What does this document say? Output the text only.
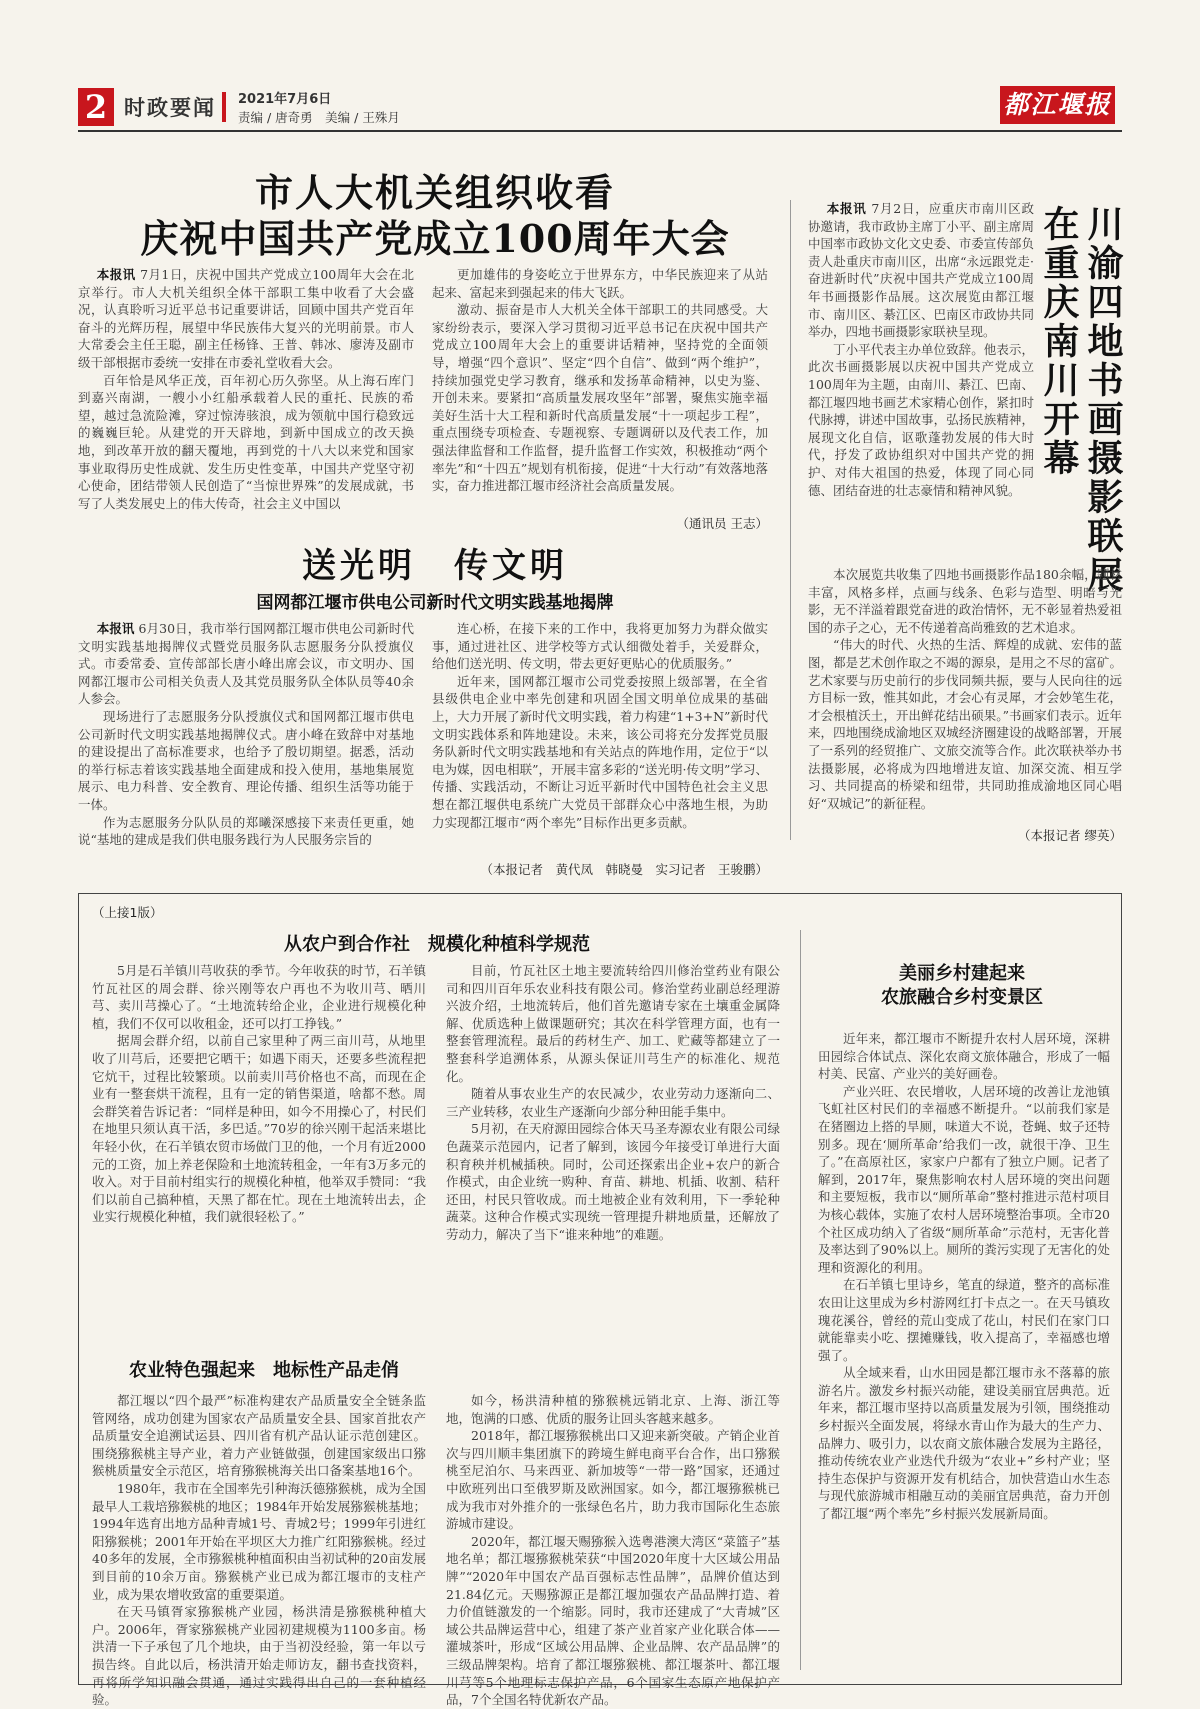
2 时政要闻 2021年7月6日
责编 / 唐奇勇　美编 / 王殊月	都江堰报
市人大机关组织收看
庆祝中国共产党成立100周年大会

本报讯 7月1日，庆祝中国共产党成立100周年大会在北京举行。市人大机关组织全体干部职工集中收看了大会盛况，认真聆听习近平总书记重要讲话，回顾中国共产党百年奋斗的光辉历程，展望中华民族伟大复兴的光明前景。市人大常委会主任王聪，副主任杨锋、王普、韩冰、廖涛及副市级干部根据市委统一安排在市委礼堂收看大会。

百年恰是风华正茂，百年初心历久弥坚。从上海石库门到嘉兴南湖，一艘小小红船承载着人民的重托、民族的希望，越过急流险滩，穿过惊涛骇浪，成为领航中国行稳致远的巍巍巨轮。从建党的开天辟地，到新中国成立的改天换地，到改革开放的翻天覆地，再到党的十八大以来党和国家事业取得历史性成就、发生历史性变革，中国共产党坚守初心使命，团结带领人民创造了“当惊世界殊”的发展成就，书写了人类发展史上的伟大传奇，社会主义中国以

更加雄伟的身姿屹立于世界东方，中华民族迎来了从站起来、富起来到强起来的伟大飞跃。

激动、振奋是市人大机关全体干部职工的共同感受。大家纷纷表示，要深入学习贯彻习近平总书记在庆祝中国共产党成立100周年大会上的重要讲话精神，坚持党的全面领导，增强“四个意识”、坚定“四个自信”、做到“两个维护”，持续加强党史学习教育，继承和发扬革命精神，以史为鉴、开创未来。要紧扣“高质量发展攻坚年”部署，聚焦实施幸福美好生活十大工程和新时代高质量发展“十一项起步工程”，重点围绕专项检查、专题视察、专题调研以及代表工作，加强法律监督和工作监督，提升监督工作实效，积极推动“两个率先”和“十四五”规划有机衔接，促进“十大行动”有效落地落实，奋力推进都江堰市经济社会高质量发展。

（通讯员 王志）
送光明　传文明
国网都江堰市供电公司新时代文明实践基地揭牌

本报讯 6月30日，我市举行国网都江堰市供电公司新时代文明实践基地揭牌仪式暨党员服务队志愿服务分队授旗仪式。市委常委、宣传部部长唐小峰出席会议，市文明办、国网都江堰市公司相关负责人及其党员服务队全体队员等40余人参会。

现场进行了志愿服务分队授旗仪式和国网都江堰市供电公司新时代文明实践基地揭牌仪式。唐小峰在致辞中对基地的建设提出了高标准要求，也给予了殷切期望。据悉，活动的举行标志着该实践基地全面建成和投入使用，基地集展览展示、电力科普、安全教育、理论传播、组织生活等功能于一体。

作为志愿服务分队队员的郑曦深感接下来责任更重，她说“基地的建成是我们供电服务践行为人民服务宗旨的

连心桥，在接下来的工作中，我将更加努力为群众做实事，通过进社区、进学校等方式认细微处着手，关爱群众，给他们送光明、传文明，带去更好更贴心的优质服务。”

近年来，国网都江堰市公司党委按照上级部署，在全省县级供电企业中率先创建和巩固全国文明单位成果的基础上，大力开展了新时代文明实践，着力构建“1+3+N”新时代文明实践体系和阵地建设。未来，该公司将充分发挥党员服务队新时代文明实践基地和有关站点的阵地作用，定位于“以电为媒，因电相联”，开展丰富多彩的“送光明·传文明”学习、传播、实践活动，不断让习近平新时代中国特色社会主义思想在都江堰供电系统广大党员干部群众心中落地生根，为助力实现都江堰市“两个率先”目标作出更多贡献。

（本报记者　黄代凤　韩晓曼　实习记者　王骏鹏）
川渝四地书画摄影联展
在重庆南川开幕

本报讯 7月2日，应重庆市南川区政协邀请，我市政协主席丁小平、副主席周中国率市政协文化文史委、市委宣传部负责人赴重庆市南川区，出席“永远跟党走·奋进新时代”庆祝中国共产党成立100周年书画摄影作品展。这次展览由都江堰市、南川区、綦江区、巴南区市政协共同举办，四地书画摄影家联袂呈现。

丁小平代表主办单位致辞。他表示，此次书画摄影展以庆祝中国共产党成立100周年为主题，由南川、綦江、巴南、都江堰四地书画艺术家精心创作，紧扣时代脉搏，讲述中国故事，弘扬民族精神，展现文化自信，讴歌蓬勃发展的伟大时代，抒发了政协组织对中国共产党的拥护、对伟大祖国的热爱，体现了同心同德、团结奋进的壮志豪情和精神风貌。

本次展览共收集了四地书画摄影作品180余幅，题材丰富，风格多样，点画与线条、色彩与造型、明暗与光影，无不洋溢着跟党奋进的政治情怀，无不彰显着热爱祖国的赤子之心，无不传递着高尚雅致的艺术追求。

“伟大的时代、火热的生活、辉煌的成就、宏伟的蓝图，都是艺术创作取之不竭的源泉，是用之不尽的富矿。艺术家要与历史前行的步伐同频共振，要与人民向往的远方目标一致，惟其如此，才会心有灵犀，才会妙笔生花，才会根植沃土，开出鲜花结出硕果。”书画家们表示。近年来，四地围绕成渝地区双城经济圈建设的战略部署，开展了一系列的经贸推广、文旅交流等合作。此次联袂举办书法摄影展，必将成为四地增进友谊、加深交流、相互学习、共同提高的桥梁和纽带，共同助推成渝地区同心唱好“双城记”的新征程。

（本报记者 缪英）
（上接1版）
从农户到合作社　规模化种植科学规范

5月是石羊镇川芎收获的季节。今年收获的时节，石羊镇竹瓦社区的周会群、徐兴刚等农户再也不为收川芎、晒川芎、卖川芎操心了。“土地流转给企业，企业进行规模化种植，我们不仅可以收租金，还可以打工挣钱。”

据周会群介绍，以前自己家里种了两三亩川芎，从地里收了川芎后，还要把它晒干；如遇下雨天，还要多些流程把它炕干，过程比较繁琐。以前卖川芎价格也不高，而现在企业有一整套烘干流程，且有一定的销售渠道，啥都不愁。周会群笑着告诉记者：“同样是种田，如今不用操心了，村民们在地里只须认真干活，多巴适。”70岁的徐兴刚干起活来堪比年轻小伙，在石羊镇农贸市场做门卫的他，一个月有近2000元的工资，加上养老保险和土地流转租金，一年有3万多元的收入。对于目前村组实行的规模化种植，他举双手赞同：“我们以前自己搞种植，天黑了都在忙。现在土地流转出去，企业实行规模化种植，我们就很轻松了。”

目前，竹瓦社区土地主要流转给四川修治堂药业有限公司和四川百年乐农业科技有限公司。修治堂药业副总经理游兴波介绍，土地流转后，他们首先邀请专家在土壤重金属降解、优质选种上做课题研究；其次在科学管理方面，也有一整套管理流程。最后的药材生产、加工、贮藏等都建立了一整套科学追溯体系，从源头保证川芎生产的标准化、规范化。

随着从事农业生产的农民减少，农业劳动力逐渐向二、三产业转移，农业生产逐渐向少部分种田能手集中。

5月初，在天府源田园综合体天马圣寿源农业有限公司绿色蔬菜示范园内，记者了解到，该园今年接受订单进行大面积育秧并机械插秧。同时，公司还探索出企业+农户的新合作模式，由企业统一购种、育苗、耕地、机插、收割、秸秆还田，村民只管收成。而土地被企业有效利用，下一季轮种蔬菜。这种合作模式实现统一管理提升耕地质量，还解放了劳动力，解决了当下“谁来种地”的难题。

农业特色强起来　地标性产品走俏

都江堰以“四个最严”标准构建农产品质量安全全链条监管网络，成功创建为国家农产品质量安全县、国家首批农产品质量安全追溯试运县、四川省有机产品认证示范创建区。围绕猕猴桃主导产业，着力产业链做强，创建国家级出口猕猴桃质量安全示范区，培育猕猴桃海关出口备案基地16个。

1980年，我市在全国率先引种海沃德猕猴桃，成为全国最早人工栽培猕猴桃的地区；1984年开始发展猕猴桃基地；1994年选育出地方品种青城1号、青城2号；1999年引进红阳猕猴桃；2001年开始在平坝区大力推广红阳猕猴桃。经过40多年的发展，全市猕猴桃种植面积由当初试种的20亩发展到目前的10余万亩。猕猴桃产业已成为都江堰市的支柱产业，成为果农增收致富的重要渠道。

在天马镇胥家猕猴桃产业园，杨洪清是猕猴桃种植大户。2006年，胥家猕猴桃产业园初建规模为1100多亩。杨洪清一下子承包了几个地块，由于当初没经验，第一年以亏损告终。自此以后，杨洪清开始走师访友，翻书查找资料，再将所学知识融会贯通，通过实践得出自己的一套种植经验。

如今，杨洪清种植的猕猴桃远销北京、上海、浙江等地，饱满的口感、优质的服务让回头客越来越多。

2018年，都江堰猕猴桃出口又迎来新突破。产销企业首次与四川顺丰集团旗下的跨境生鲜电商平台合作，出口猕猴桃至尼泊尔、马来西亚、新加坡等“一带一路”国家，还通过中欧班列出口至俄罗斯及欧洲国家。如今，都江堰猕猴桃已成为我市对外推介的一张绿色名片，助力我市国际化生态旅游城市建设。

2020年，都江堰天赐猕猴入选粤港澳大湾区“菜篮子”基地名单；都江堰猕猴桃荣获“中国2020年度十大区域公用品牌”“2020年中国农产品百强标志性品牌”，品牌价值达到21.84亿元。天赐猕源正是都江堰加强农产品品牌打造、着力价值链激发的一个缩影。同时，我市还建成了“大青城”区域公共品牌运营中心，组建了茶产业首家产业化联合体——灌城茶叶，形成“区域公用品牌、企业品牌、农产品品牌”的三级品牌架构。培育了都江堰猕猴桃、都江堰茶叶、都江堰川芎等5个地理标志保护产品，6个国家生态原产地保护产品，7个全国名特优新农产品。

美丽乡村建起来
农旅融合乡村变景区

近年来，都江堰市不断提升农村人居环境，深耕田园综合体试点、深化农商文旅体融合，形成了一幅村美、民富、产业兴的美好画卷。

产业兴旺、农民增收，人居环境的改善让龙池镇飞虹社区村民们的幸福感不断提升。“以前我们家是在猪圈边上搭的旱厕，味道大不说，苍蝇、蚊子还特别多。现在‘厕所革命’给我们一改，就很干净、卫生了。”在高原社区，家家户户都有了独立户厕。记者了解到，2017年，聚焦影响农村人居环境的突出问题和主要短板，我市以“厕所革命”整村推进示范村项目为核心载体，实施了农村人居环境整治事项。全市20个社区成功纳入了省级“厕所革命”示范村，无害化普及率达到了90%以上。厕所的粪污实现了无害化的处理和资源化的利用。

在石羊镇七里诗乡，笔直的绿道，整齐的高标准农田让这里成为乡村游网红打卡点之一。在天马镇玫瑰花溪谷，曾经的荒山变成了花山，村民们在家门口就能靠卖小吃、摆摊赚钱，收入提高了，幸福感也增强了。

从全域来看，山水田园是都江堰市永不落幕的旅游名片。激发乡村振兴动能，建设美丽宜居典范。近年来，都江堰市坚持以高质量发展为引领，围绕推动乡村振兴全面发展，将绿水青山作为最大的生产力、品牌力、吸引力，以农商文旅体融合发展为主路径，推动传统农业产业迭代升级为“农业+”乡村产业；坚持生态保护与资源开发有机结合，加快营造山水生态与现代旅游城市相融互动的美丽宜居典范，奋力开创了都江堰“两个率先”乡村振兴发展新局面。
